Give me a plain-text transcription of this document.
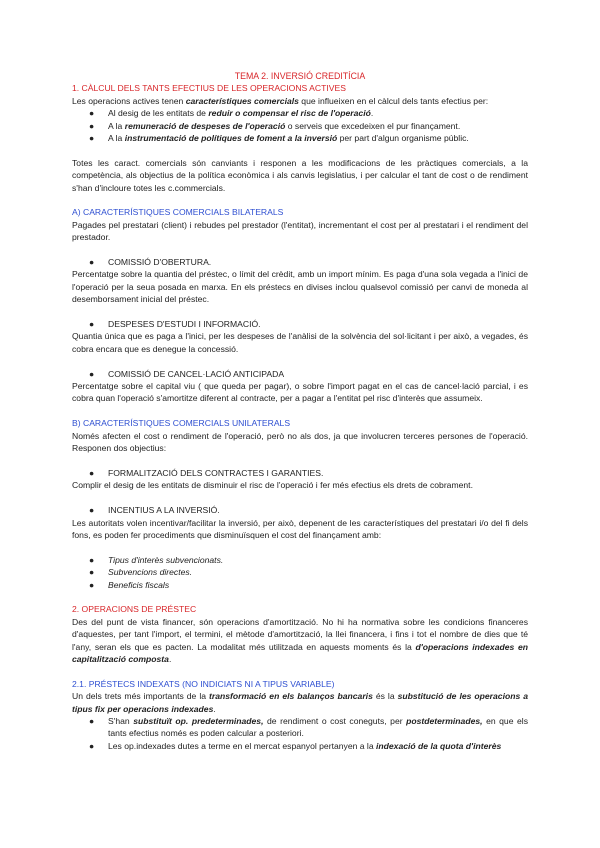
TEMA 2. INVERSIÓ CREDITÍCIA

1. CÀLCUL DELS TANTS EFECTIUS DE LES OPERACIONS ACTIVES

Les operacions actives tenen característiques comercials que influeixen en el càlcul dels tants efectius per:

● Al desig de les entitats de reduir o compensar el risc de l'operació.
● A la remuneració de despeses de l'operació o serveis que excedeixen el pur finançament.
● A la instrumentació de polítiques de foment a la inversió per part d'algun organisme públic.

Totes les caract. comercials són canviants i responen a les modificacions de les pràctiques comercials, a la competència, als objectius de la política econòmica i als canvis legislatius, i per calcular el tant de cost o de rendiment s'han d'incloure totes les c.commercials.

A) CARACTERÍSTIQUES COMERCIALS BILATERALS

Pagades pel prestatari (client) i rebudes pel prestador (l'entitat), incrementant el cost per al prestatari i el rendiment del prestador.

● COMISSIÓ D'OBERTURA.

Percentatge sobre la quantia del préstec, o límit del crèdit, amb un import mínim. Es paga d'una sola vegada a l'inici de l'operació per la seua posada en marxa. En els préstecs en divises inclou qualsevol comissió per canvi de moneda al desemborsament inicial del préstec.

● DESPESES D'ESTUDI I INFORMACIÓ.

Quantia única que es paga a l'inici, per les despeses de l'anàlisi de la solvència del sol·licitant i per això, a vegades, és cobra encara que es denegue la concessió.

● COMISSIÓ DE CANCEL·LACIÓ ANTICIPADA

Percentatge sobre el capital viu ( que queda per pagar), o sobre l'import pagat en el cas de cancel·lació parcial, i es cobra quan l'operació s'amortitze diferent al contracte, per a pagar a l'entitat pel risc d'interès que assumeix.

B) CARACTERÍSTIQUES COMERCIALS UNILATERALS

Només afecten el cost o rendiment de l'operació, però no als dos, ja que involucren terceres persones de l'operació. Responen dos objectius:

● FORMALITZACIÓ DELS CONTRACTES I GARANTIES.

Complir el desig de les entitats de disminuir el risc de l'operació i fer més efectius els drets de cobrament.

● INCENTIUS A LA INVERSIÓ.

Les autoritats volen incentivar/facilitar la inversió, per això, depenent de les característiques del prestatari i/o del fi dels fons, es poden fer procediments que disminuïsquen el cost del finançament amb:

● Tipus d'interès subvencionats.
● Subvencions directes.
● Beneficis fiscals

2. OPERACIONS DE PRÉSTEC

Des del punt de vista financer, són operacions d'amortització. No hi ha normativa sobre les condicions financeres d'aquestes, per tant l'import, el termini, el mètode d'amortització, la llei financera, i fins i tot el nombre de dies que té l'any, seran els que es pacten. La modalitat més utilitzada en aquests moments és la d'operacions indexades en capitalització composta.

2.1. PRÉSTECS INDEXATS (NO INDICIATS NI A TIPUS VARIABLE)

Un dels trets més importants de la transformació en els balanços bancaris és la substitució de les operacions a tipus fix per operacions indexades.

● S'han substituït op. predeterminades, de rendiment o cost coneguts, per postdeterminades, en que els tants efectius només es poden calcular a posteriori.
● Les op.indexades dutes a terme en el mercat espanyol pertanyen a la indexació de la quota d'interès
